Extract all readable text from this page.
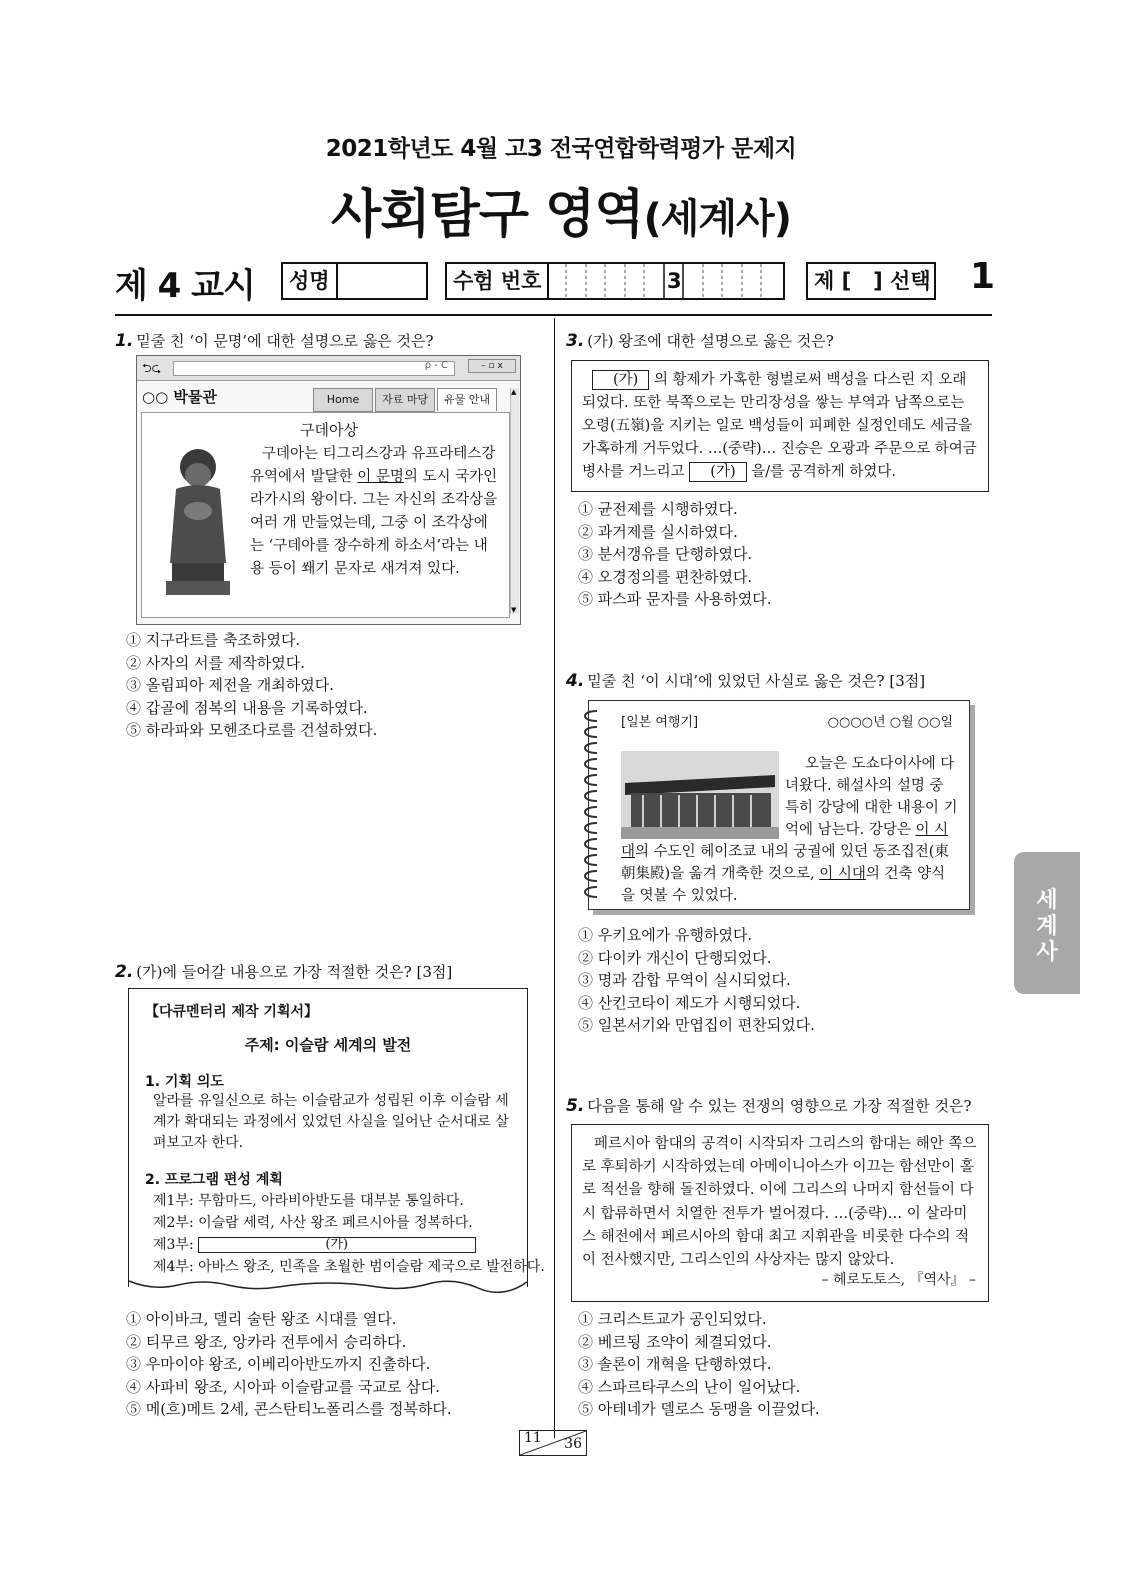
2021학년도 4월 고3 전국연합학력평가 문제지
사회탐구 영역(세계사)
제 4 교시 성명	수험 번호	3	제 [   ] 선택 1
1. 밑줄 친 ‘이 문명’에 대한 설명으로 옳은 것은?
⮌⮎	ρ - C	– ▫ x
○○ 박물관	Home	자료 마당	유물 안내
구데아상
구데아는 티그리스강과 유프라테스강 유역에서 발달한 이 문명의 도시 국가인 라가시의 왕이다. 그는 자신의 조각상을 여러 개 만들었는데, 그중 이 조각상에는 ‘구데아를 장수하게 하소서’라는 내용 등이 쐐기 문자로 새겨져 있다.
▲
▼
① 지구라트를 축조하였다.
② 사자의 서를 제작하였다.
③ 올림피아 제전을 개최하였다.
④ 갑골에 점복의 내용을 기록하였다.
⑤ 하라파와 모헨조다로를 건설하였다.
2. (가)에 들어갈 내용으로 가장 적절한 것은? [3점]
【다큐멘터리 제작 기획서】
주제: 이슬람 세계의 발전
1. 기획 의도
알라를 유일신으로 하는 이슬람교가 성립된 이후 이슬람 세계가 확대되는 과정에서 있었던 사실을 일어난 순서대로 살펴보고자 한다.
2. 프로그램 편성 계획
제1부: 무함마드, 아라비아반도를 대부분 통일하다.
제2부: 이슬람 세력, 사산 왕조 페르시아를 정복하다.
제3부:	(가)
제4부: 아바스 왕조, 민족을 초월한 범이슬람 제국으로 발전하다.
① 아이바크, 델리 술탄 왕조 시대를 열다.
② 티무르 왕조, 앙카라 전투에서 승리하다.
③ 우마이야 왕조, 이베리아반도까지 진출하다.
④ 사파비 왕조, 시아파 이슬람교를 국교로 삼다.
⑤ 메(흐)메트 2세, 콘스탄티노폴리스를 정복하다.
3. (가) 왕조에 대한 설명으로 옳은 것은?
(가) 의 황제가 가혹한 형벌로써 백성을 다스린 지 오래되었다. 또한 북쪽으로는 만리장성을 쌓는 부역과 남쪽으로는 오령(五嶺)을 지키는 일로 백성들이 피폐한 실정인데도 세금을 가혹하게 거두었다. …(중략)… 진승은 오광과 주문으로 하여금 병사를 거느리고 (가) 을/를 공격하게 하였다.
① 균전제를 시행하였다.
② 과거제를 실시하였다.
③ 분서갱유를 단행하였다.
④ 오경정의를 편찬하였다.
⑤ 파스파 문자를 사용하였다.
4. 밑줄 친 ‘이 시대’에 있었던 사실로 옳은 것은? [3점]
[일본 여행기]	○○○○년 ○월 ○○일
오늘은 도쇼다이사에 다녀왔다. 해설사의 설명 중 특히 강당에 대한 내용이 기억에 남는다. 강당은 이 시대의 수도인 헤이조쿄 내의 궁궐에 있던 동조집전(東朝集殿)을 옮겨 개축한 것으로, 이 시대의 건축 양식을 엿볼 수 있었다.
① 우키요에가 유행하였다.
② 다이카 개신이 단행되었다.
③ 명과 감합 무역이 실시되었다.
④ 산킨코타이 제도가 시행되었다.
⑤ 일본서기와 만엽집이 편찬되었다.
5. 다음을 통해 알 수 있는 전쟁의 영향으로 가장 적절한 것은?
페르시아 함대의 공격이 시작되자 그리스의 함대는 해안 쪽으로 후퇴하기 시작하였는데 아메이니아스가 이끄는 함선만이 홀로 적선을 향해 돌진하였다. 이에 그리스의 나머지 함선들이 다시 합류하면서 치열한 전투가 벌어졌다. …(중략)… 이 살라미스 해전에서 페르시아의 함대 최고 지휘관을 비롯한 다수의 적이 전사했지만, 그리스인의 사상자는 많지 않았다.
– 헤로도토스, 『역사』 –
① 크리스트교가 공인되었다.
② 베르됭 조약이 체결되었다.
③ 솔론이 개혁을 단행하였다.
④ 스파르타쿠스의 난이 일어났다.
⑤ 아테네가 델로스 동맹을 이끌었다.
세계사
11 36
